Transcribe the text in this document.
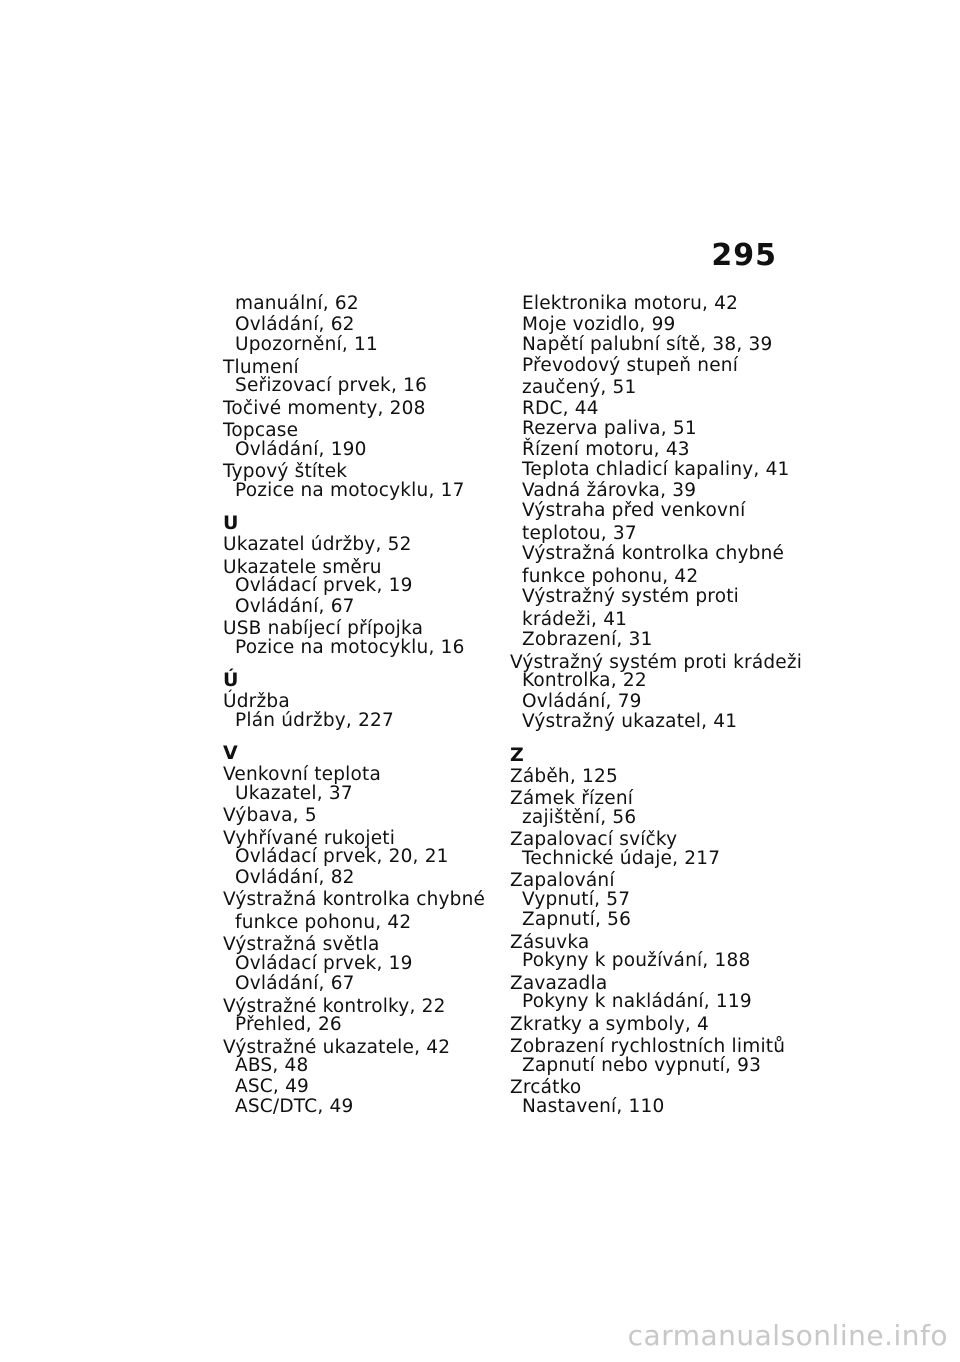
295
manuální, 62
Ovládání, 62
Upozornění, 11
Tlumení
Seřizovací prvek, 16
Točivé momenty, 208
Topcase
Ovládání, 190
Typový štítek
Pozice na motocyklu, 17
U
Ukazatel údržby, 52
Ukazatele směru
Ovládací prvek, 19
Ovládání, 67
USB nabíjecí přípojka
Pozice na motocyklu, 16
Ú
Údržba
Plán údržby, 227
V
Venkovní teplota
Ukazatel, 37
Výbava, 5
Vyhřívané rukojeti
Ovládací prvek, 20, 21
Ovládání, 82
Výstražná kontrolka chybné
funkce pohonu, 42
Výstražná světla
Ovládací prvek, 19
Ovládání, 67
Výstražné kontrolky, 22
Přehled, 26
Výstražné ukazatele, 42
ABS, 48
ASC, 49
ASC/DTC, 49
Elektronika motoru, 42
Moje vozidlo, 99
Napětí palubní sítě, 38, 39
Převodový stupeň není
zaučený, 51
RDC, 44
Rezerva paliva, 51
Řízení motoru, 43
Teplota chladicí kapaliny, 41
Vadná žárovka, 39
Výstraha před venkovní
teplotou, 37
Výstražná kontrolka chybné
funkce pohonu, 42
Výstražný systém proti
krádeži, 41
Zobrazení, 31
Výstražný systém proti krádeži
Kontrolka, 22
Ovládání, 79
Výstražný ukazatel, 41
Z
Záběh, 125
Zámek řízení
zajištění, 56
Zapalovací svíčky
Technické údaje, 217
Zapalování
Vypnutí, 57
Zapnutí, 56
Zásuvka
Pokyny k používání, 188
Zavazadla
Pokyny k nakládání, 119
Zkratky a symboly, 4
Zobrazení rychlostních limitů
Zapnutí nebo vypnutí, 93
Zrcátko
Nastavení, 110
carmanualsonline.info
